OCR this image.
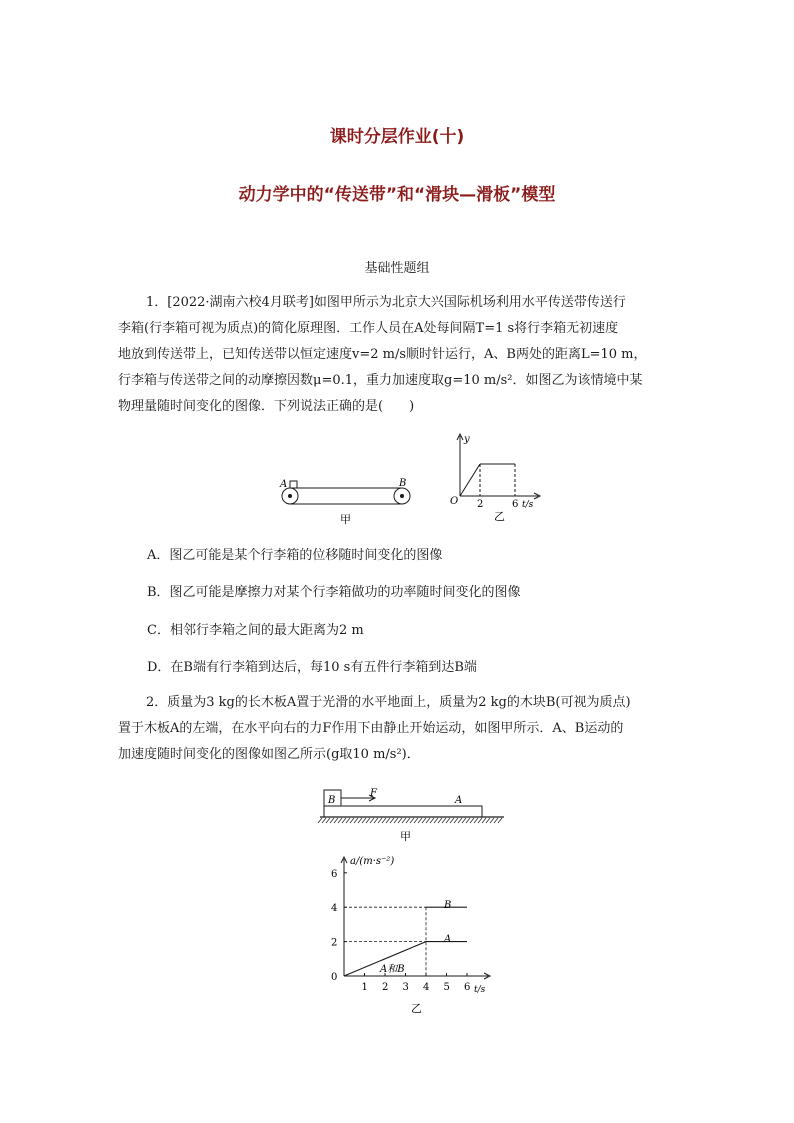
课时分层作业(十)
动力学中的“传送带”和“滑块—滑板”模型
基础性题组
1．[2022·湖南六校4月联考]如图甲所示为北京大兴国际机场利用水平传送带传送行
李箱(行李箱可视为质点)的简化原理图．工作人员在A处每间隔T=1 s将行李箱无初速度
地放到传送带上，已知传送带以恒定速度v=2 m/s顺时针运行，A、B两处的距离L=10 m，
行李箱与传送带之间的动摩擦因数μ=0.1，重力加速度取g=10 m/s²．如图乙为该情境中某
物理量随时间变化的图像．下列说法正确的是(　　)
A	B
甲
y
O 2	6 t/s
乙
A．图乙可能是某个行李箱的位移随时间变化的图像
B．图乙可能是摩擦力对某个行李箱做功的功率随时间变化的图像
C．相邻行李箱之间的最大距离为2 m
D．在B端有行李箱到达后，每10 s有五件行李箱到达B端
2．质量为3 kg的长木板A置于光滑的水平地面上，质量为2 kg的木块B(可视为质点)
置于木板A的左端，在水平向右的力F作用下由静止开始运动，如图甲所示．A、B运动的
加速度随时间变化的图像如图乙所示(g取10 m/s²)．
B
F
A
甲
1 2 3 4 5 6
0
2
4
6
a/(m·s⁻²)
t/s
B
A
A和B
乙
